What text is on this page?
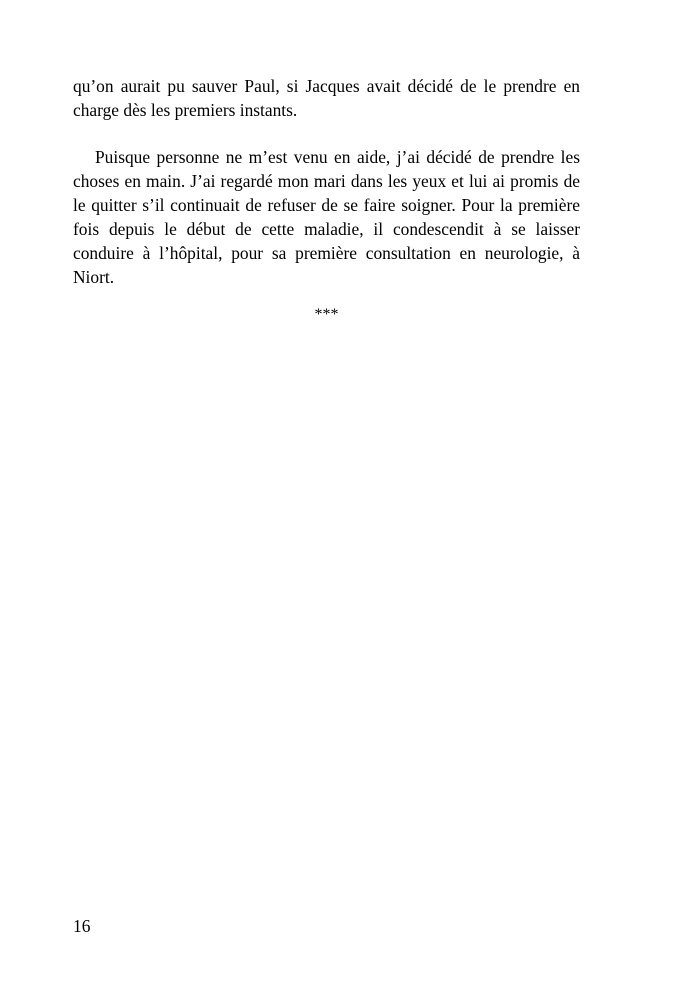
qu’on aurait pu sauver Paul, si Jacques avait décidé de le prendre en charge dès les premiers instants.

Puisque personne ne m’est venu en aide, j’ai décidé de prendre les choses en main. J’ai regardé mon mari dans les yeux et lui ai promis de le quitter s’il continuait de refuser de se faire soigner. Pour la première fois depuis le début de cette maladie, il condescendit à se laisser conduire à l’hôpital, pour sa première consultation en neurologie, à Niort.

***
16
